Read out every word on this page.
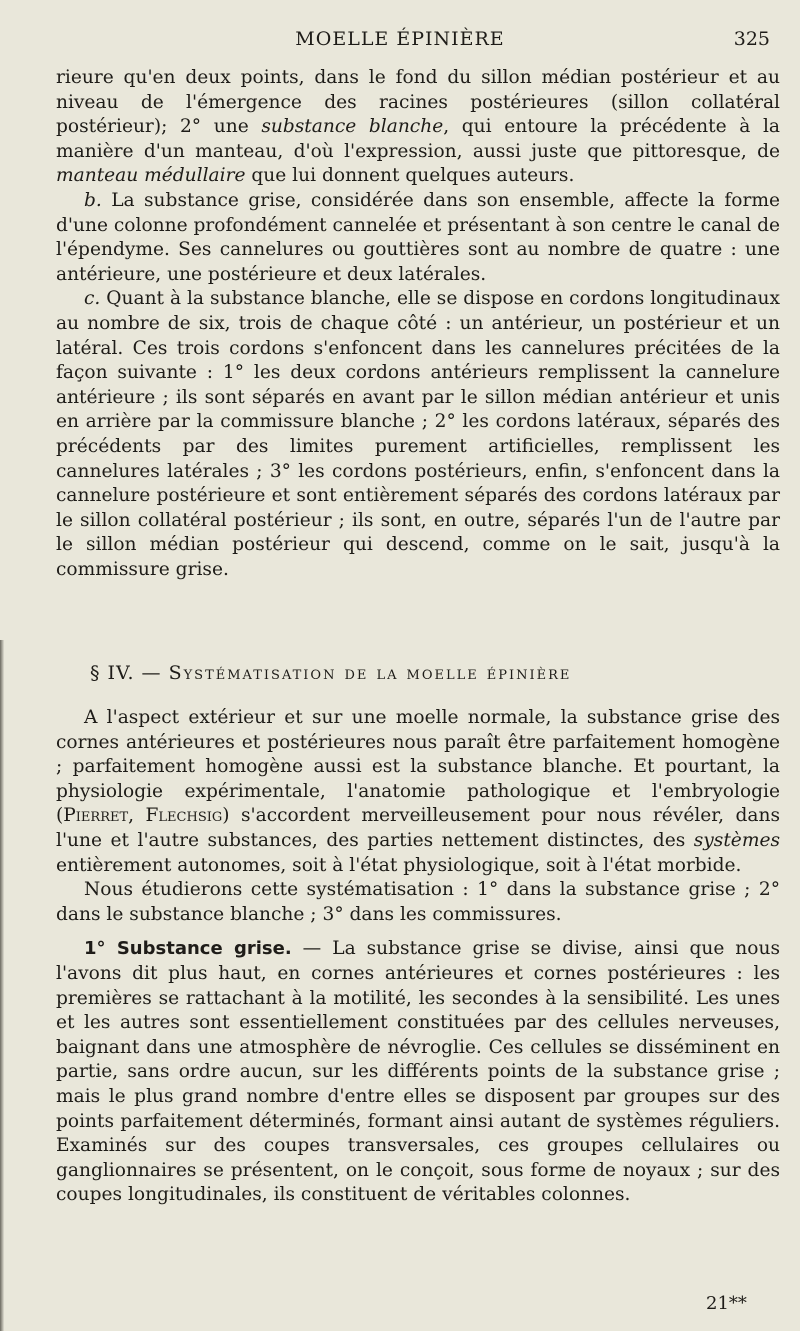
MOELLE ÉPINIÈRE	325

rieure qu'en deux points, dans le fond du sillon médian postérieur et au niveau de l'émergence des racines postérieures (sillon collatéral postérieur); 2° une substance blanche, qui entoure la précédente à la manière d'un manteau, d'où l'expression, aussi juste que pittoresque, de manteau médullaire que lui donnent quelques auteurs.

b. La substance grise, considérée dans son ensemble, affecte la forme d'une colonne profondément cannelée et présentant à son centre le canal de l'épendyme. Ses cannelures ou gouttières sont au nombre de quatre : une antérieure, une postérieure et deux latérales.

c. Quant à la substance blanche, elle se dispose en cordons longitudinaux au nombre de six, trois de chaque côté : un antérieur, un postérieur et un latéral. Ces trois cordons s'enfoncent dans les cannelures précitées de la façon suivante : 1° les deux cordons antérieurs remplissent la cannelure antérieure ; ils sont séparés en avant par le sillon médian antérieur et unis en arrière par la commissure blanche ; 2° les cordons latéraux, séparés des précédents par des limites purement artificielles, remplissent les cannelures latérales ; 3° les cordons postérieurs, enfin, s'enfoncent dans la cannelure postérieure et sont entièrement séparés des cordons latéraux par le sillon collatéral postérieur ; ils sont, en outre, séparés l'un de l'autre par le sillon médian postérieur qui descend, comme on le sait, jusqu'à la commissure grise.

§ IV. — Systématisation de la moelle épinière

A l'aspect extérieur et sur une moelle normale, la substance grise des cornes antérieures et postérieures nous paraît être parfaitement homogène ; parfaitement homogène aussi est la substance blanche. Et pourtant, la physiologie expérimentale, l'anatomie pathologique et l'embryologie (Pierret, Flechsig) s'accordent merveilleusement pour nous révéler, dans l'une et l'autre substances, des parties nettement distinctes, des systèmes entièrement autonomes, soit à l'état physiologique, soit à l'état morbide.

Nous étudierons cette systématisation : 1° dans la substance grise ; 2° dans le substance blanche ; 3° dans les commissures.

1° Substance grise. — La substance grise se divise, ainsi que nous l'avons dit plus haut, en cornes antérieures et cornes postérieures : les premières se rattachant à la motilité, les secondes à la sensibilité. Les unes et les autres sont essentiellement constituées par des cellules nerveuses, baignant dans une atmosphère de névroglie. Ces cellules se disséminent en partie, sans ordre aucun, sur les différents points de la substance grise ; mais le plus grand nombre d'entre elles se disposent par groupes sur des points parfaitement déterminés, formant ainsi autant de systèmes réguliers. Examinés sur des coupes transversales, ces groupes cellulaires ou ganglionnaires se présentent, on le conçoit, sous forme de noyaux ; sur des coupes longitudinales, ils constituent de véritables colonnes.

21**
